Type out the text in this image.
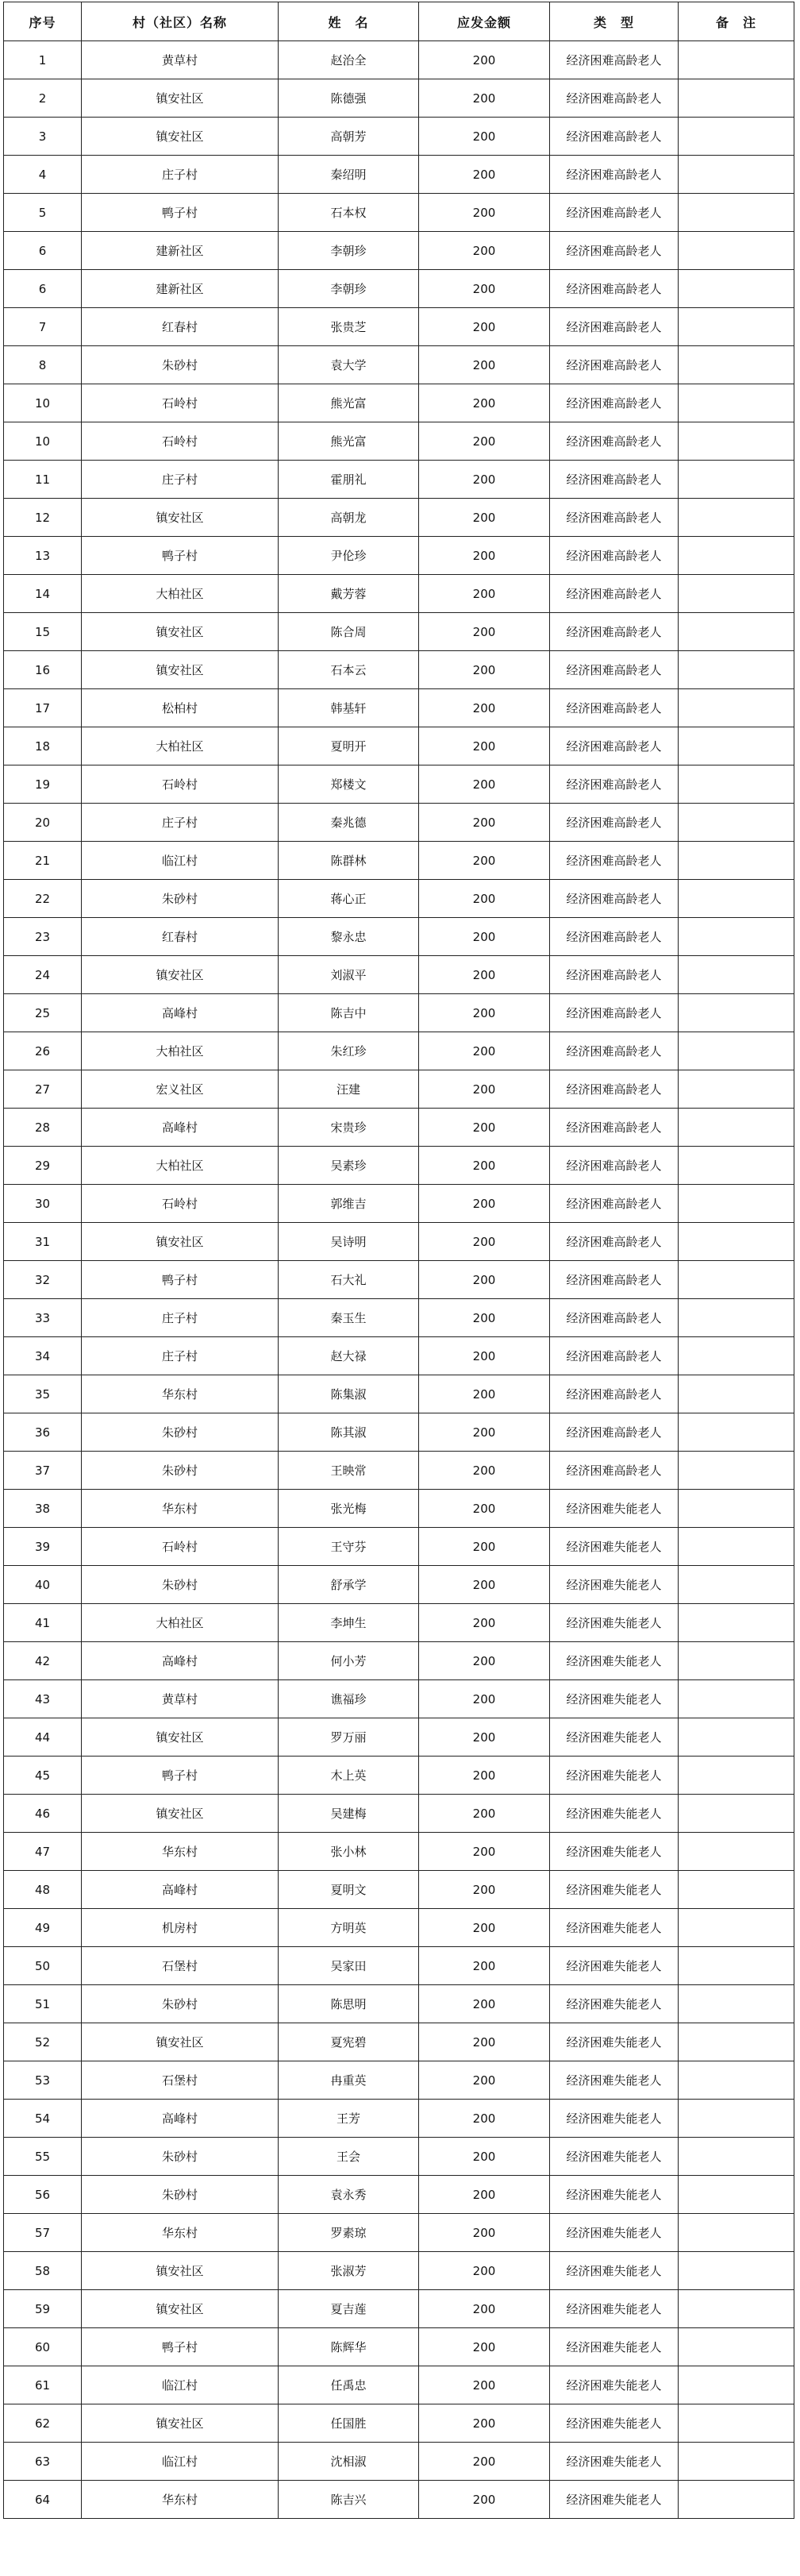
序号	村（社区）名称	姓　名	应发金额	类　型	备　注
1	黄草村	赵治全	200	经济困难高龄老人	
2	镇安社区	陈德强	200	经济困难高龄老人	
3	镇安社区	高朝芳	200	经济困难高龄老人	
4	庄子村	秦绍明	200	经济困难高龄老人	
5	鸭子村	石本权	200	经济困难高龄老人	
6	建新社区	李朝珍	200	经济困难高龄老人	
6	建新社区	李朝珍	200	经济困难高龄老人	
7	红春村	张贵芝	200	经济困难高龄老人	
8	朱砂村	袁大学	200	经济困难高龄老人	
10	石岭村	熊光富	200	经济困难高龄老人	
10	石岭村	熊光富	200	经济困难高龄老人	
11	庄子村	霍朋礼	200	经济困难高龄老人	
12	镇安社区	高朝龙	200	经济困难高龄老人	
13	鸭子村	尹伦珍	200	经济困难高龄老人	
14	大柏社区	戴芳蓉	200	经济困难高龄老人	
15	镇安社区	陈合周	200	经济困难高龄老人	
16	镇安社区	石本云	200	经济困难高龄老人	
17	松柏村	韩基轩	200	经济困难高龄老人	
18	大柏社区	夏明开	200	经济困难高龄老人	
19	石岭村	郑楼文	200	经济困难高龄老人	
20	庄子村	秦兆德	200	经济困难高龄老人	
21	临江村	陈群林	200	经济困难高龄老人	
22	朱砂村	蒋心正	200	经济困难高龄老人	
23	红春村	黎永忠	200	经济困难高龄老人	
24	镇安社区	刘淑平	200	经济困难高龄老人	
25	高峰村	陈吉中	200	经济困难高龄老人	
26	大柏社区	朱红珍	200	经济困难高龄老人	
27	宏义社区	汪建	200	经济困难高龄老人	
28	高峰村	宋贵珍	200	经济困难高龄老人	
29	大柏社区	吴素珍	200	经济困难高龄老人	
30	石岭村	郭维吉	200	经济困难高龄老人	
31	镇安社区	吴诗明	200	经济困难高龄老人	
32	鸭子村	石大礼	200	经济困难高龄老人	
33	庄子村	秦玉生	200	经济困难高龄老人	
34	庄子村	赵大禄	200	经济困难高龄老人	
35	华东村	陈集淑	200	经济困难高龄老人	
36	朱砂村	陈其淑	200	经济困难高龄老人	
37	朱砂村	王映常	200	经济困难高龄老人	
38	华东村	张光梅	200	经济困难失能老人	
39	石岭村	王守芬	200	经济困难失能老人	
40	朱砂村	舒承学	200	经济困难失能老人	
41	大柏社区	李坤生	200	经济困难失能老人	
42	高峰村	何小芳	200	经济困难失能老人	
43	黄草村	谯福珍	200	经济困难失能老人	
44	镇安社区	罗万丽	200	经济困难失能老人	
45	鸭子村	木上英	200	经济困难失能老人	
46	镇安社区	吴建梅	200	经济困难失能老人	
47	华东村	张小林	200	经济困难失能老人	
48	高峰村	夏明文	200	经济困难失能老人	
49	机房村	方明英	200	经济困难失能老人	
50	石堡村	吴家田	200	经济困难失能老人	
51	朱砂村	陈思明	200	经济困难失能老人	
52	镇安社区	夏宪碧	200	经济困难失能老人	
53	石堡村	冉重英	200	经济困难失能老人	
54	高峰村	王芳	200	经济困难失能老人	
55	朱砂村	王会	200	经济困难失能老人	
56	朱砂村	袁永秀	200	经济困难失能老人	
57	华东村	罗素琼	200	经济困难失能老人	
58	镇安社区	张淑芳	200	经济困难失能老人	
59	镇安社区	夏吉莲	200	经济困难失能老人	
60	鸭子村	陈辉华	200	经济困难失能老人	
61	临江村	任禹忠	200	经济困难失能老人	
62	镇安社区	任国胜	200	经济困难失能老人	
63	临江村	沈相淑	200	经济困难失能老人	
64	华东村	陈吉兴	200	经济困难失能老人	
